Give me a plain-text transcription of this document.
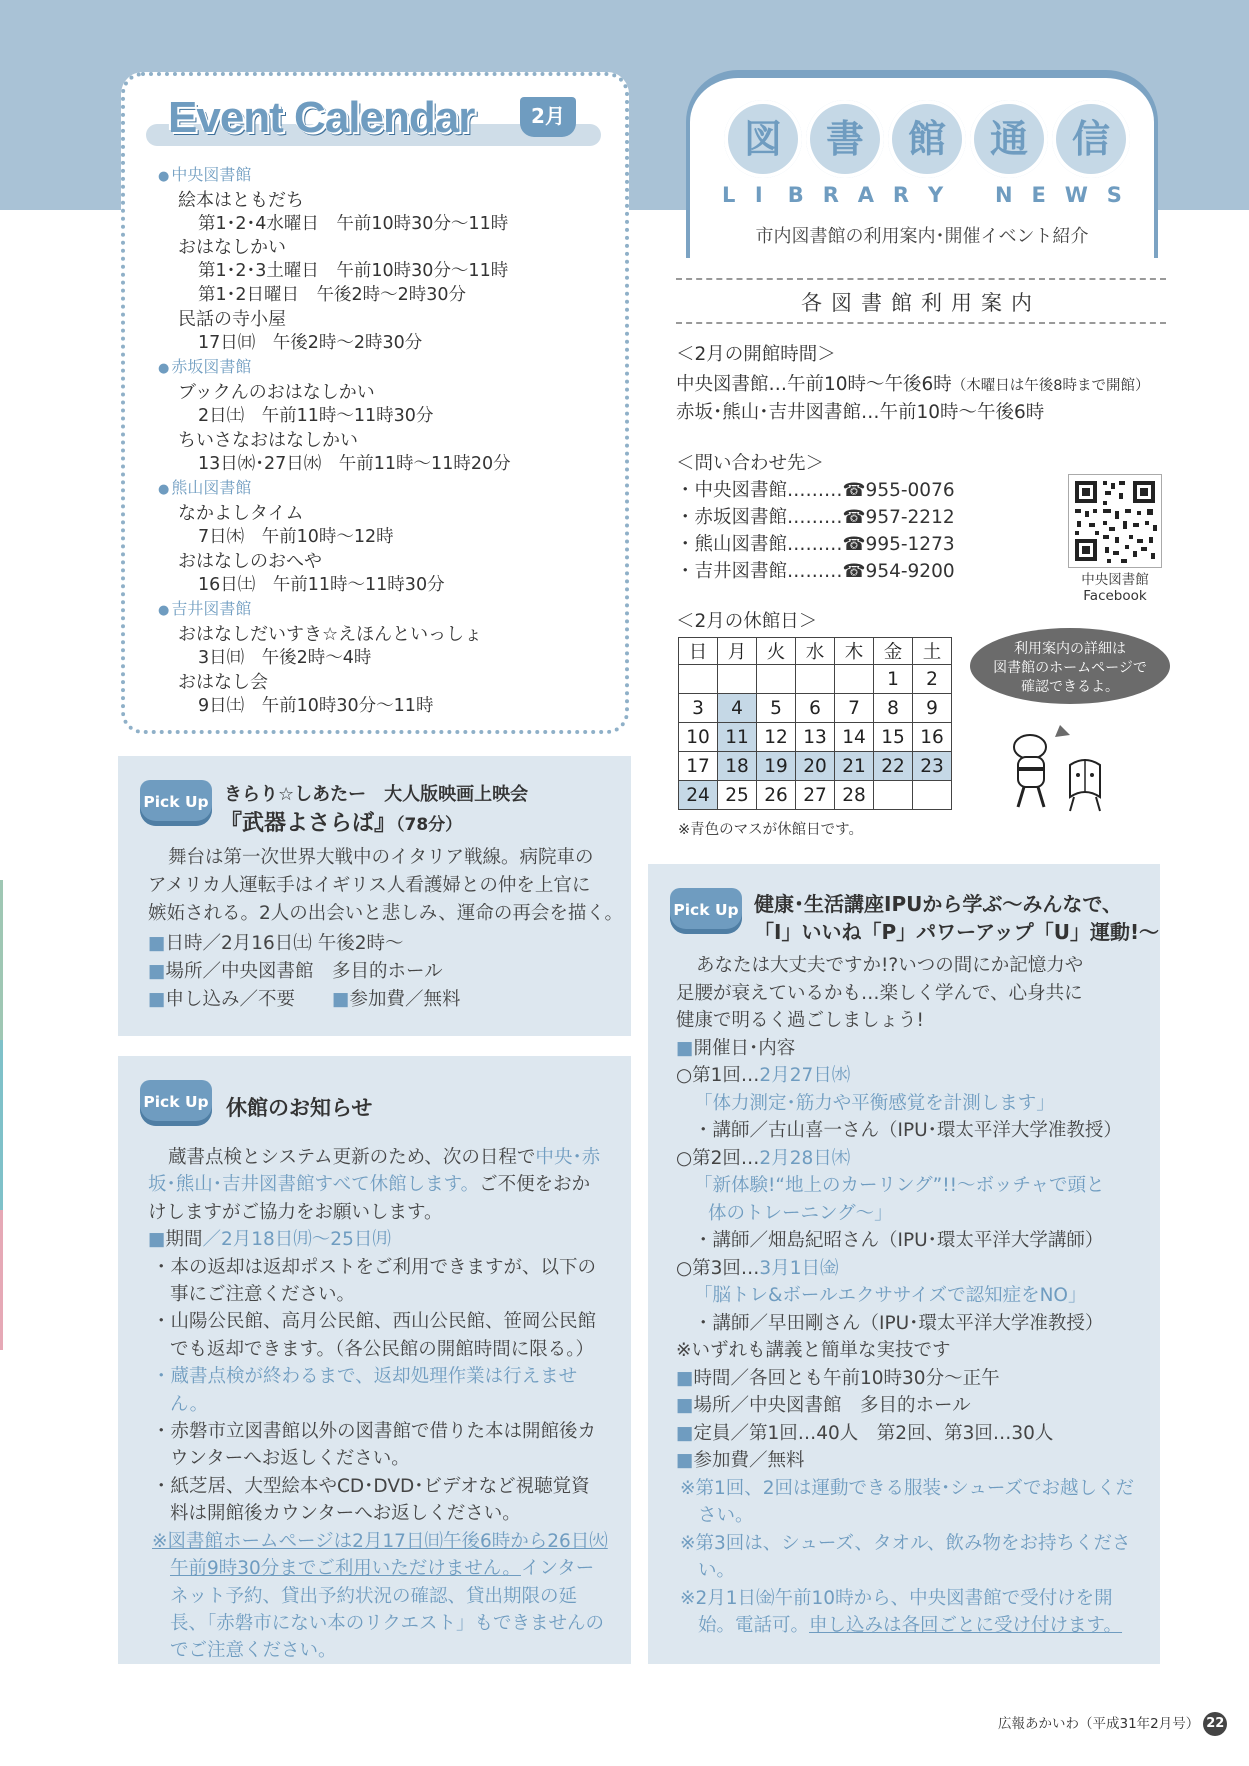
Event Calendar	2月
● 中央図書館
絵本はともだち
第1･2･4水曜日　午前10時30分～11時
おはなしかい
第1･2･3土曜日　午前10時30分～11時
第1･2日曜日　午後2時～2時30分
民話の寺小屋
17日㈰　午後2時～2時30分
● 赤坂図書館
ブックんのおはなしかい
2日㈯　午前11時～11時30分
ちいさなおはなしかい
13日㈬･27日㈬　午前11時～11時20分
● 熊山図書館
なかよしタイム
7日㈭　午前10時～12時
おはなしのおへや
16日㈯　午前11時～11時30分
● 吉井図書館
おはなしだいすき☆えほんといっしょ
3日㈰　午後2時～4時
おはなし会
9日㈯　午前10時30分～11時
図	書	館	通	信
L I B R A R Y N E W S
市内図書館の利用案内･開催イベント紹介
各図書館利用案内
＜2月の開館時間＞
中央図書館…午前10時～午後6時（木曜日は午後8時まで開館）
赤坂･熊山･吉井図書館…午前10時～午後6時
＜問い合わせ先＞
・中央図書館………☎955-0076
・赤坂図書館………☎957-2212
・熊山図書館………☎995-1273
・吉井図書館………☎954-9200	中央図書館
Facebook
＜2月の休館日＞
日	月	火	水	木	金	土
					1	2
3	4	5	6	7	8	9
10	11	12	13	14	15	16
17	18	19	20	21	22	23
24	25	26	27	28		
※青色のマスが休館日です。
利用案内の詳細は
図書館のホームページで
確認できるよ。
Pick Up きらり☆しあたー　大人版映画上映会
『武器よさらば』（78分）
舞台は第一次世界大戦中のイタリア戦線。病院車の
アメリカ人運転手はイギリス人看護婦との仲を上官に
嫉妬される。2人の出会いと悲しみ、運命の再会を描く。
■日時／2月16日㈯ 午後2時～
■場所／中央図書館　多目的ホール
■申し込み／不要　　 ■参加費／無料
Pick Up 休館のお知らせ
蔵書点検とシステム更新のため、次の日程で中央･赤坂･熊山･吉井図書館すべて休館します。ご不便をおかけしますがご協力をお願いします。
■期間／2月18日㈪～25日㈪
・本の返却は返却ポストをご利用できますが、以下の事にご注意ください。
・山陽公民館、高月公民館、西山公民館、笹岡公民館でも返却できます。（各公民館の開館時間に限る。）
・蔵書点検が終わるまで、返却処理作業は行えません。
・赤磐市立図書館以外の図書館で借りた本は開館後カウンターへお返しください。
・紙芝居、大型絵本やCD･DVD･ビデオなど視聴覚資料は開館後カウンターへお返しください。
※図書館ホームページは2月17日㈰午後6時から26日㈫午前9時30分までご利用いただけません。インターネット予約、貸出予約状況の確認、貸出期限の延長、「赤磐市にない本のリクエスト」もできませんのでご注意ください。
Pick Up 健康･生活講座IPUから学ぶ～みんなで、
「I」いいね「P」パワーアップ「U」運動!～
あなたは大丈夫ですか!?いつの間にか記憶力や
足腰が衰えているかも…楽しく学んで、心身共に
健康で明るく過ごしましょう!
■開催日･内容
○第1回…2月27日㈬
「体力測定･筋力や平衡感覚を計測します」
・講師／古山喜一さん（IPU･環太平洋大学准教授）
○第2回…2月28日㈭
「新体験!“地上のカーリング”!!～ボッチャで頭と
体のトレーニング～」
・講師／畑島紀昭さん（IPU･環太平洋大学講師）
○第3回…3月1日㈮
「脳トレ&ボールエクササイズで認知症をNO」
・講師／早田剛さん（IPU･環太平洋大学准教授）
※いずれも講義と簡単な実技です
■時間／各回とも午前10時30分～正午
■場所／中央図書館　多目的ホール
■定員／第1回…40人　第2回、第3回…30人
■参加費／無料
※第1回、2回は運動できる服装･シューズでお越しください。
※第3回は、シューズ、タオル、飲み物をお持ちください。
※2月1日㈮午前10時から、中央図書館で受付けを開始。電話可。申し込みは各回ごとに受け付けます。
広報あかいわ（平成31年2月号） 22
